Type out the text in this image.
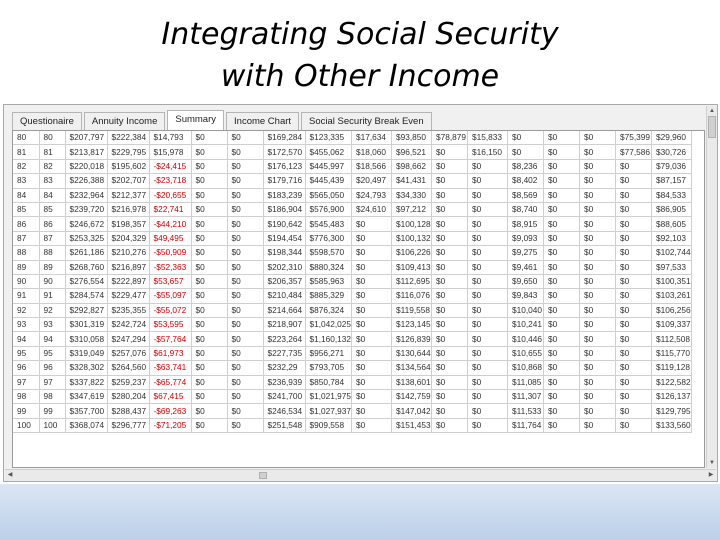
Integrating Social Security
with Other Income
Questionaire	Annuity Income	Summary	Income Chart	Social Security Break Even
80	80	$207,797	$222,384	$14,793	$0	$0	$169,284	$123,335	$17,634	$93,850	$78,879	$15,833	$0	$0	$0	$75,399	$29,960
81	81	$213,817	$229,795	$15,978	$0	$0	$172,570	$455,062	$18,060	$96,521	$0	$16,150	$0	$0	$0	$77,586	$30,726
82	82	$220,018	$195,602	-$24,415	$0	$0	$176,123	$445,997	$18,566	$98,662	$0	$0	$8,236	$0	$0	$0	$79,036
83	83	$226,388	$202,707	-$23,718	$0	$0	$179,716	$445,439	$20,497	$41,431	$0	$0	$8,402	$0	$0	$0	$87,157
84	84	$232,964	$212,377	-$20,655	$0	$0	$183,239	$565,050	$24,793	$34,330	$0	$0	$8,569	$0	$0	$0	$84,533
85	85	$239,720	$216,978	$22,741	$0	$0	$186,904	$576,900	$24,610	$97,212	$0	$0	$8,740	$0	$0	$0	$86,905
86	86	$246,672	$198,357	-$44,210	$0	$0	$190,642	$545,483	$0	$100,128	$0	$0	$8,915	$0	$0	$0	$88,605
87	87	$253,325	$204,329	$49,495	$0	$0	$194,454	$776,300	$0	$100,132	$0	$0	$9,093	$0	$0	$0	$92,103
88	88	$261,186	$210,276	-$50,909	$0	$0	$198,344	$598,570	$0	$106,226	$0	$0	$9,275	$0	$0	$0	$102,744
89	89	$268,760	$216,897	-$52,363	$0	$0	$202,310	$880,324	$0	$109,413	$0	$0	$9,461	$0	$0	$0	$97,533
90	90	$276,554	$222,897	$53,657	$0	$0	$206,357	$585,963	$0	$112,695	$0	$0	$9,650	$0	$0	$0	$100,351
91	91	$284,574	$229,477	-$55,097	$0	$0	$210,484	$885,329	$0	$116,076	$0	$0	$9,843	$0	$0	$0	$103,261
92	92	$292,827	$235,355	-$55,072	$0	$0	$214,664	$876,324	$0	$119,558	$0	$0	$10,040	$0	$0	$0	$106,256
93	93	$301,319	$242,724	$53,595	$0	$0	$218,907	$1,042,025	$0	$123,145	$0	$0	$10,241	$0	$0	$0	$109,337
94	94	$310,058	$247,294	-$57,764	$0	$0	$223,264	$1,160,132	$0	$126,839	$0	$0	$10,446	$0	$0	$0	$112,508
95	95	$319,049	$257,076	$61,973	$0	$0	$227,735	$956,271	$0	$130,644	$0	$0	$10,655	$0	$0	$0	$115,770
96	96	$328,302	$264,560	-$63,741	$0	$0	$232,29	$793,705	$0	$134,564	$0	$0	$10,868	$0	$0	$0	$119,128
97	97	$337,822	$259,237	-$65,774	$0	$0	$236,939	$850,784	$0	$138,601	$0	$0	$11,085	$0	$0	$0	$122,582
98	98	$347,619	$280,204	$67,415	$0	$0	$241,700	$1,021,975	$0	$142,759	$0	$0	$11,307	$0	$0	$0	$126,137
99	99	$357,700	$288,437	-$69,263	$0	$0	$246,534	$1,027,937	$0	$147,042	$0	$0	$11,533	$0	$0	$0	$129,795
100	100	$368,074	$296,777	-$71,205	$0	$0	$251,548	$909,558	$0	$151,453	$0	$0	$11,764	$0	$0	$0	$133,560
▲
▼
◀	▶
